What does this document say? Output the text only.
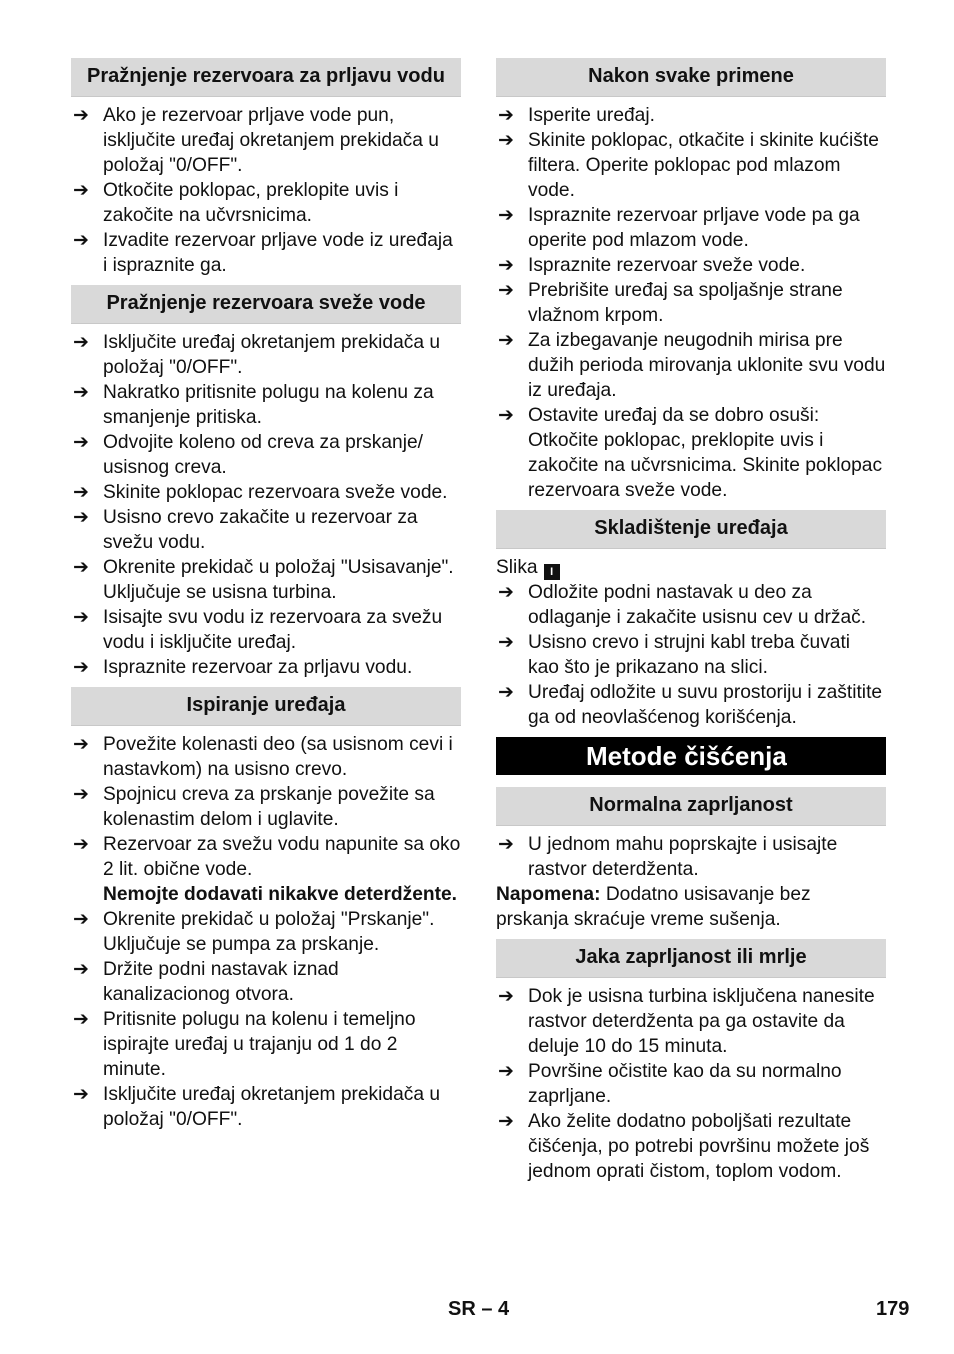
Pražnjenje rezervoara za prljavu vodu
➔ Ako je rezervoar prljave vode pun, isključite uređaj okretanjem prekidača u položaj "0/OFF".
➔ Otkočite poklopac, preklopite uvis i zakočite na učvrsnicima.
➔ Izvadite rezervoar prljave vode iz uređaja i ispraznite ga.
Pražnjenje rezervoara sveže vode
➔ Isključite uređaj okretanjem prekidača u položaj "0/OFF".
➔ Nakratko pritisnite polugu na kolenu za smanjenje pritiska.
➔ Odvojite koleno od creva za prskanje/ usisnog creva.
➔ Skinite poklopac rezervoara sveže vode.
➔ Usisno crevo zakačite u rezervoar za svežu vodu.
➔ Okrenite prekidač u položaj "Usisavanje". Uključuje se usisna turbina.
➔ Isisajte svu vodu iz rezervoara za svežu vodu i isključite uređaj.
➔ Ispraznite rezervoar za prljavu vodu.
Ispiranje uređaja
➔ Povežite kolenasti deo (sa usisnom cevi i nastavkom) na usisno crevo.
➔ Spojnicu creva za prskanje povežite sa kolenastim delom i uglavite.
➔ Rezervoar za svežu vodu napunite sa oko 2 lit. obične vode.
Nemojte dodavati nikakve deterdžente.
➔ Okrenite prekidač u položaj "Prskanje". Uključuje se pumpa za prskanje.
➔ Držite podni nastavak iznad kanalizacionog otvora.
➔ Pritisnite polugu na kolenu i temeljno ispirajte uređaj u trajanju od 1 do 2 minute.
➔ Isključite uređaj okretanjem prekidača u položaj "0/OFF".
Nakon svake primene
➔ Isperite uređaj.
➔ Skinite poklopac, otkačite i skinite kućište filtera. Operite poklopac pod mlazom vode.
➔ Ispraznite rezervoar prljave vode pa ga operite pod mlazom vode.
➔ Ispraznite rezervoar sveže vode.
➔ Prebrišite uređaj sa spoljašnje strane vlažnom krpom.
➔ Za izbegavanje neugodnih mirisa pre dužih perioda mirovanja uklonite svu vodu iz uređaja.
➔ Ostavite uređaj da se dobro osuši: Otkočite poklopac, preklopite uvis i zakočite na učvrsnicima. Skinite poklopac rezervoara sveže vode.
Skladištenje uređaja
Slika I
➔ Odložite podni nastavak u deo za odlaganje i zakačite usisnu cev u držač.
➔ Usisno crevo i strujni kabl treba čuvati kao što je prikazano na slici.
➔ Uređaj odložite u suvu prostoriju i zaštitite ga od neovlašćenog korišćenja.
Metode čišćenja
Normalna zaprljanost
➔ U jednom mahu poprskajte i usisajte rastvor deterdženta.
Napomena: Dodatno usisavanje bez prskanja skraćuje vreme sušenja.
Jaka zaprljanost ili mrlje
➔ Dok je usisna turbina isključena nanesite rastvor deterdženta pa ga ostavite da deluje 10 do 15 minuta.
➔ Površine očistite kao da su normalno zaprljane.
➔ Ako želite dodatno poboljšati rezultate čišćenja, po potrebi površinu možete još jednom oprati čistom, toplom vodom.
SR – 4	179
